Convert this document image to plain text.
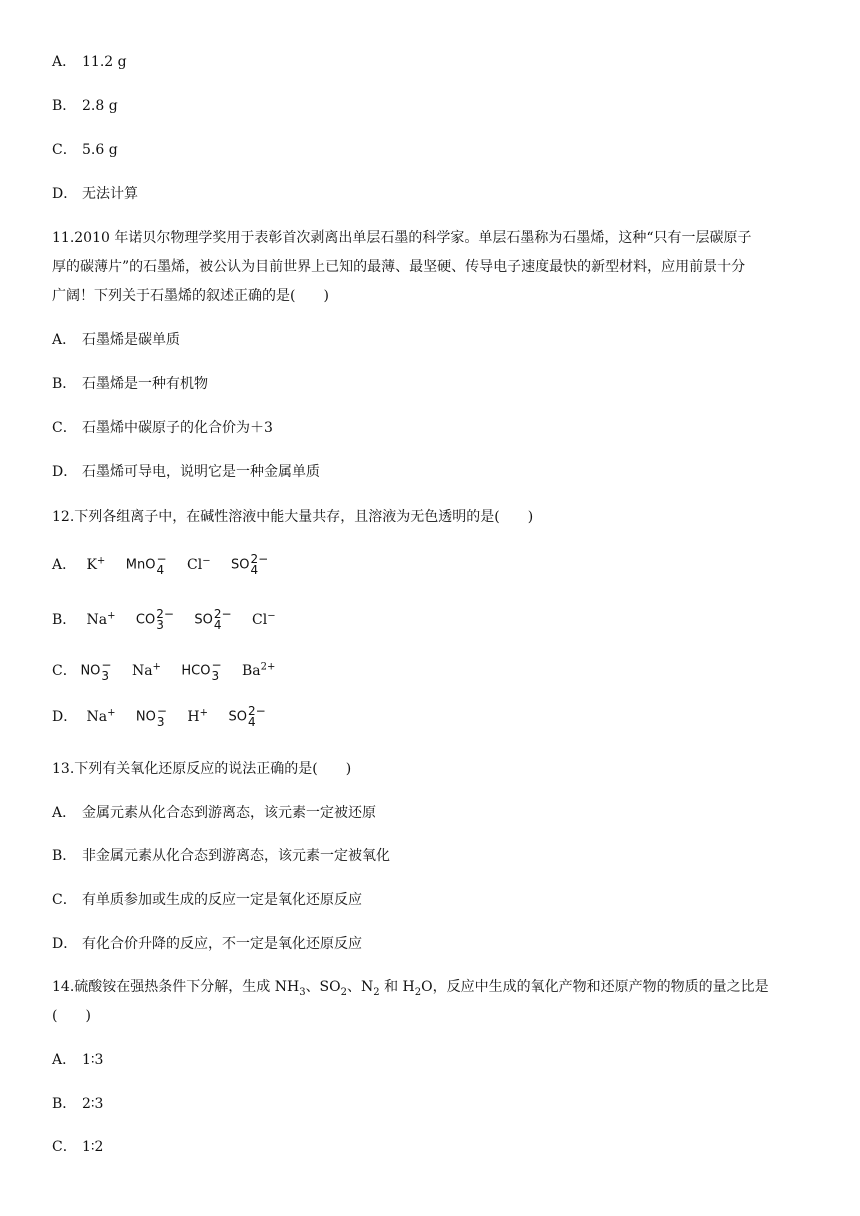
A． 11.2 g
B． 2.8 g
C． 5.6 g
D． 无法计算
11.2010 年诺贝尔物理学奖用于表彰首次剥离出单层石墨的科学家。单层石墨称为石墨烯，这种“只有一层碳原子
厚的碳薄片”的石墨烯，被公认为目前世界上已知的最薄、最坚硬、传导电子速度最快的新型材料，应用前景十分
广阔！下列关于石墨烯的叙述正确的是(　　)
A． 石墨烯是碳单质
B． 石墨烯是一种有机物
C． 石墨烯中碳原子的化合价为＋3
D． 石墨烯可导电，说明它是一种金属单质
12.下列各组离子中，在碱性溶液中能大量共存，且溶液为无色透明的是(　　)
A． K+ MnO −
4 Cl− SO 2−
4
B． Na+ CO 2−
3	SO 2−
4	Cl−
C． NO −
3 Na+ HCO −
3 $Ba^{2+}$
D． Na+ NO −
3 H+ SO 2−
4
13.下列有关氧化还原反应的说法正确的是(　　)
A． 金属元素从化合态到游离态，该元素一定被还原
B． 非金属元素从化合态到游离态，该元素一定被氧化
C． 有单质参加或生成的反应一定是氧化还原反应
D． 有化合价升降的反应，不一定是氧化还原反应
14.硫酸铵在强热条件下分解，生成 $NH_3$、$SO_2$、$N_2$ 和 $H_2O$，反应中生成的氧化产物和还原产物的物质的量之比是
(　　)
A． 1∶3
B． 2∶3
C． 1∶2
